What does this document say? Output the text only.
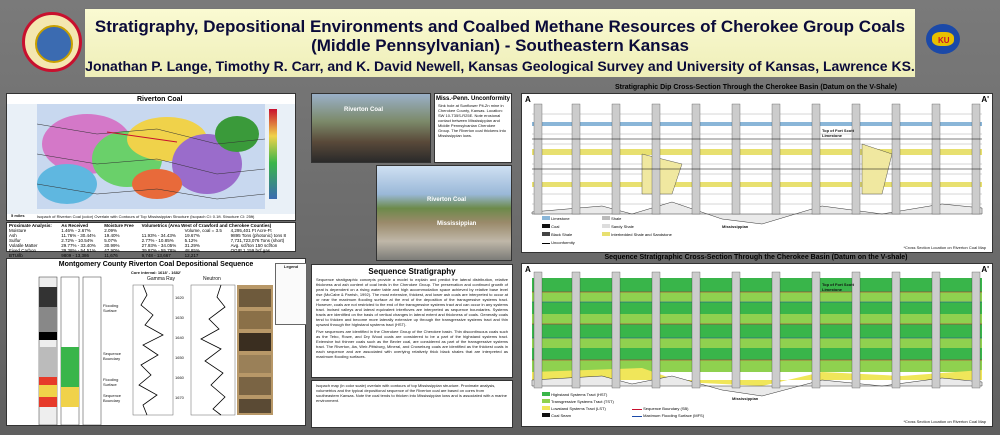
KU
Stratigraphy, Depositional Environments and Coalbed Methane Resources of Cherokee Group Coals
(Middle Pennsylvanian) - Southeastern Kansas
Jonathan P. Lange, Timothy R. Carr, and K. David Newell, Kansas Geological Survey and University of Kansas, Lawrence KS.
Riverton Coal
5 miles	Isopach of Riverton Coal (color) Overlain with Contours of Top Mississippian Structure (Isopach CI: 0.1ft. Structure CI: 25ft)
Proximate Analysis:	As Received	Moisture Free	Volumetrics (Area West of Crawford and Cherokee Counties)		
Moisture	1.46% - 2.67%	2.09%		Volume, coal = 3.5	4,295,401 Ft Acre-Ft
Ash	11.76% - 30.44%	19.40%	11.93% - 34.43%	19.67%	9895 Tons (photonic) tons 8
Sulfur	2.72% - 10.54%	5.07%	2.77% - 10.85%	5.12%	7,731,723,076 Tons (short)
Volatile Matter	29.77% - 33.40%	30.99%	27.93% - 34.05%	31.29%	Avg. scf/ton 150 scf/ton
Fixed Carbon	39.38% - 54.51%	47.90%	39.97% - 55.78%	48.85%	OGIP 1.159 bcf gas
BTU/lb	9809 - 13,386	11,676	9,748 - 13,667	12,217	
Montgomery County Riverton Coal Depositional Sequence
Core interval: 1618' - 1682'
Flooding Surface
Sequence Boundary
Flooding Surface
Sequence Boundary
Gamma Ray
1620
1630
1640
1650
1660
1670
Neutron
Legend
Riverton Coal
Miss.-Penn. Unconformity
Sink hole at Sunflower Pit-Zn mine in Cherokee County, Kansas. Location: SW 10-T35S-R25E. Note erosional contact between Mississippian and Middle Pennsylvanian Cherokee Group. The Riverton coal thickens into Mississippian lows.
Riverton Coal
Mississippian
Sequence Stratigraphy
Sequence stratigraphic concepts provide a model to explain and predict the lateral distribution, relative thickness and ash content of coal beds in the Cherokee Group. The preservation and continued growth of peat is dependent on a rising water table and high accommodation space achieved by relative base level rise (McCabe & Parrish, 1992). The most extensive, thickest, and lower ash coals are interpreted to occur at or near the maximum flooding surface at the end of the deposition of the transgressive systems tract. However, coals are not restricted to the end of the transgressive systems tract and can occur in any systems tract. Incised valleys and lateral equivalent interfluves are interpreted as sequence boundaries. Systems tracts are identified on the basis of vertical changes in lateral extent and thickness of coals. Generally coals tend to thicken and become more laterally extensive up through the transgressive systems tract and thin upward through the highstand systems tract (HST).
Five sequences are identified in the Cherokee Group of the Cherokee basin. Thin discontinuous coals such as the Tebo, Rowe, and Dry Wood coals are considered to be a part of the highstand systems tract. Extensive but thinner coals such as the Bevier coal, are considered as part of the transgressive systems tract. The Riverton, Aw, Weir-Pittsburg, Mineral, and Croweburg coals are identified as the thickest coals in each sequence and are associated with overlying relatively thick black shales that are interpreted as maximum flooding surfaces.
Isopach map (in color scale) overlain with contours of top Mississippian structure. Proximate analysis, volumetrics and the typical depositional sequence of the Riverton coal are based on cores from southeastern Kansas. Note the coal tends to thicken into Mississippian lows and is associated with a marine environment.
Stratigraphic Dip Cross-Section Through the Cherokee Basin (Datum on the V-Shale)
A	A'
Top of Fort Scott Limestone
Mississippian
Limestone
Coal
Black Shale
Unconformity
Shale
Sandy Shale
Interbedded Shale and Sandstone
*Cross Section Location on Riverton Coal Map
Sequence Stratigraphic Cross-Section Through the Cherokee Basin (Datum on the V-shale)
A	A'
Top of Fort Scott Limestone
Mississippian
Highstand Systems Tract (HST)
Transgressive Systems Tract (TST)
Lowstand Systems Tract (LST)
Coal Seam
Sequence Boundary (SB)
Maximum Flooding Surface (MFS)
*Cross Section Location on Riverton Coal Map
